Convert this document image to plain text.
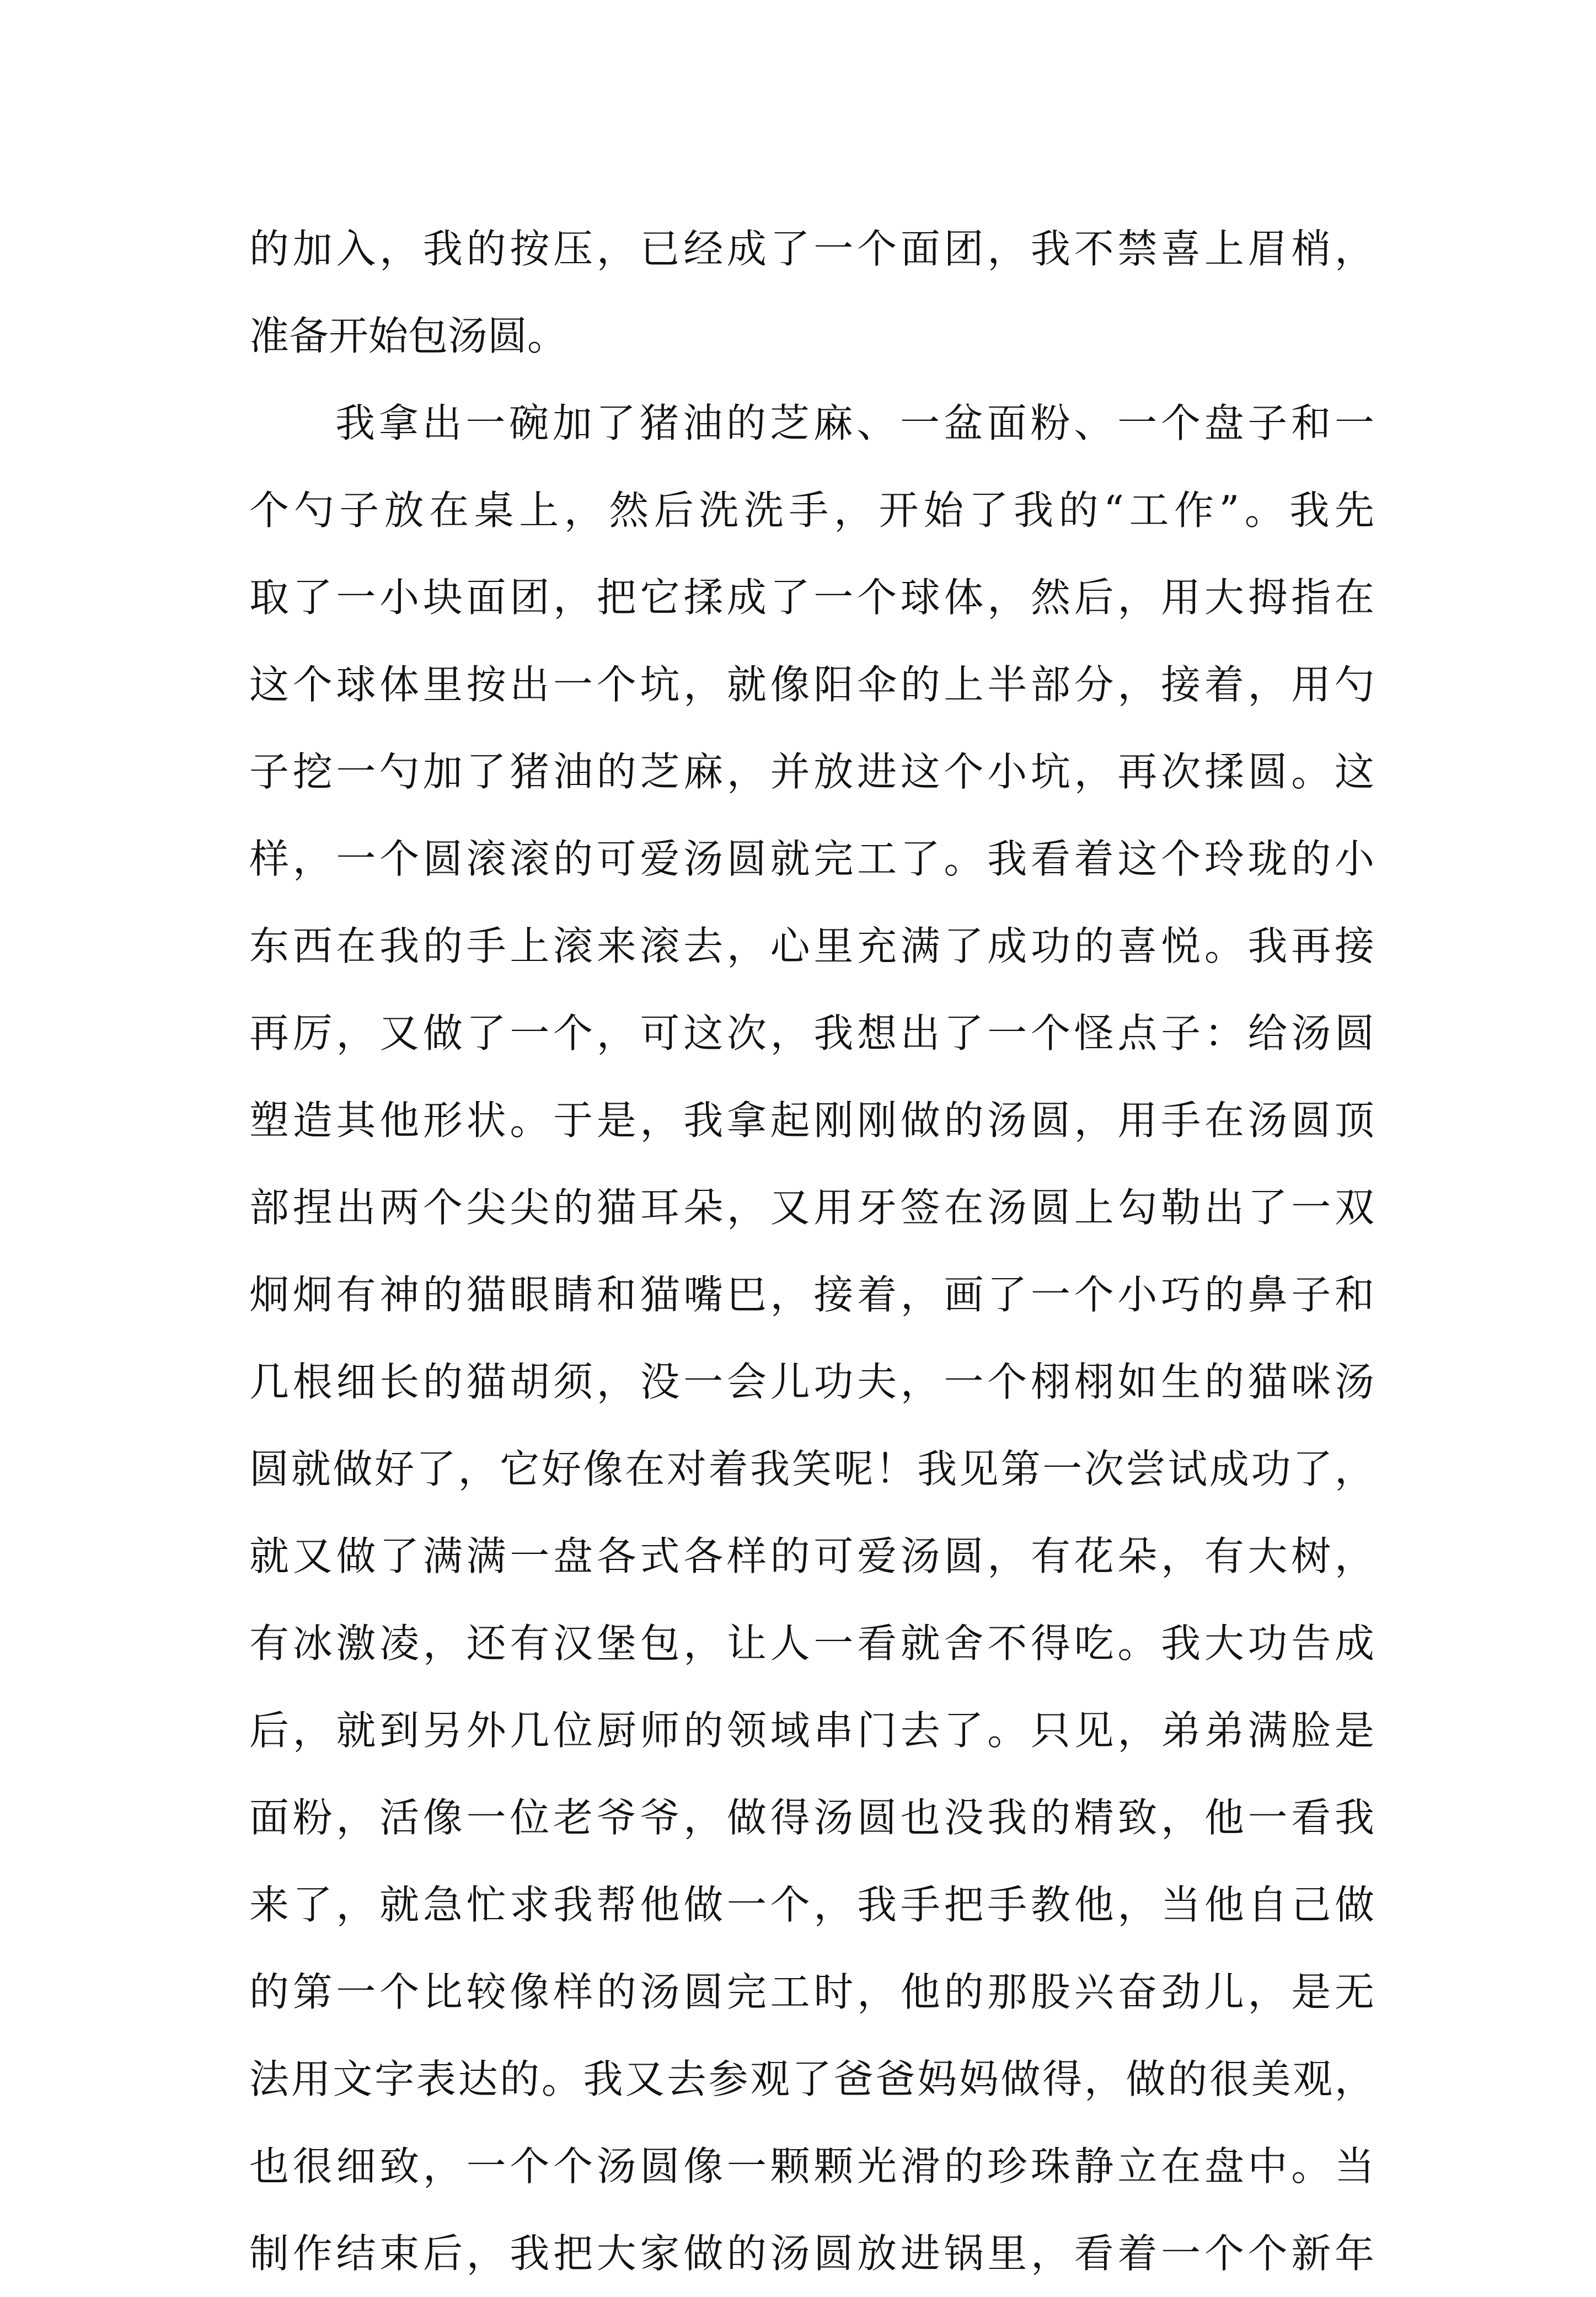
的加入，我的按压，已经成了一个面团，我不禁喜上眉梢，
准备开始包汤圆。
我拿出一碗加了猪油的芝麻、一盆面粉、一个盘子和一
个勺子放在桌上，然后洗洗手，开始了我的“工作”。我先
取了一小块面团，把它揉成了一个球体，然后，用大拇指在
这个球体里按出一个坑，就像阳伞的上半部分，接着，用勺
子挖一勺加了猪油的芝麻，并放进这个小坑，再次揉圆。这
样，一个圆滚滚的可爱汤圆就完工了。我看着这个玲珑的小
东西在我的手上滚来滚去，心里充满了成功的喜悦。我再接
再厉，又做了一个，可这次，我想出了一个怪点子：给汤圆
塑造其他形状。于是，我拿起刚刚做的汤圆，用手在汤圆顶
部捏出两个尖尖的猫耳朵，又用牙签在汤圆上勾勒出了一双
炯炯有神的猫眼睛和猫嘴巴，接着，画了一个小巧的鼻子和
几根细长的猫胡须，没一会儿功夫，一个栩栩如生的猫咪汤
圆就做好了，它好像在对着我笑呢！我见第一次尝试成功了，
就又做了满满一盘各式各样的可爱汤圆，有花朵，有大树，
有冰激凌，还有汉堡包，让人一看就舍不得吃。我大功告成
后，就到另外几位厨师的领域串门去了。只见，弟弟满脸是
面粉，活像一位老爷爷，做得汤圆也没我的精致，他一看我
来了，就急忙求我帮他做一个，我手把手教他，当他自己做
的第一个比较像样的汤圆完工时，他的那股兴奋劲儿，是无
法用文字表达的。我又去参观了爸爸妈妈做得，做的很美观，
也很细致，一个个汤圆像一颗颗光滑的珍珠静立在盘中。当
制作结束后，我把大家做的汤圆放进锅里，看着一个个新年
